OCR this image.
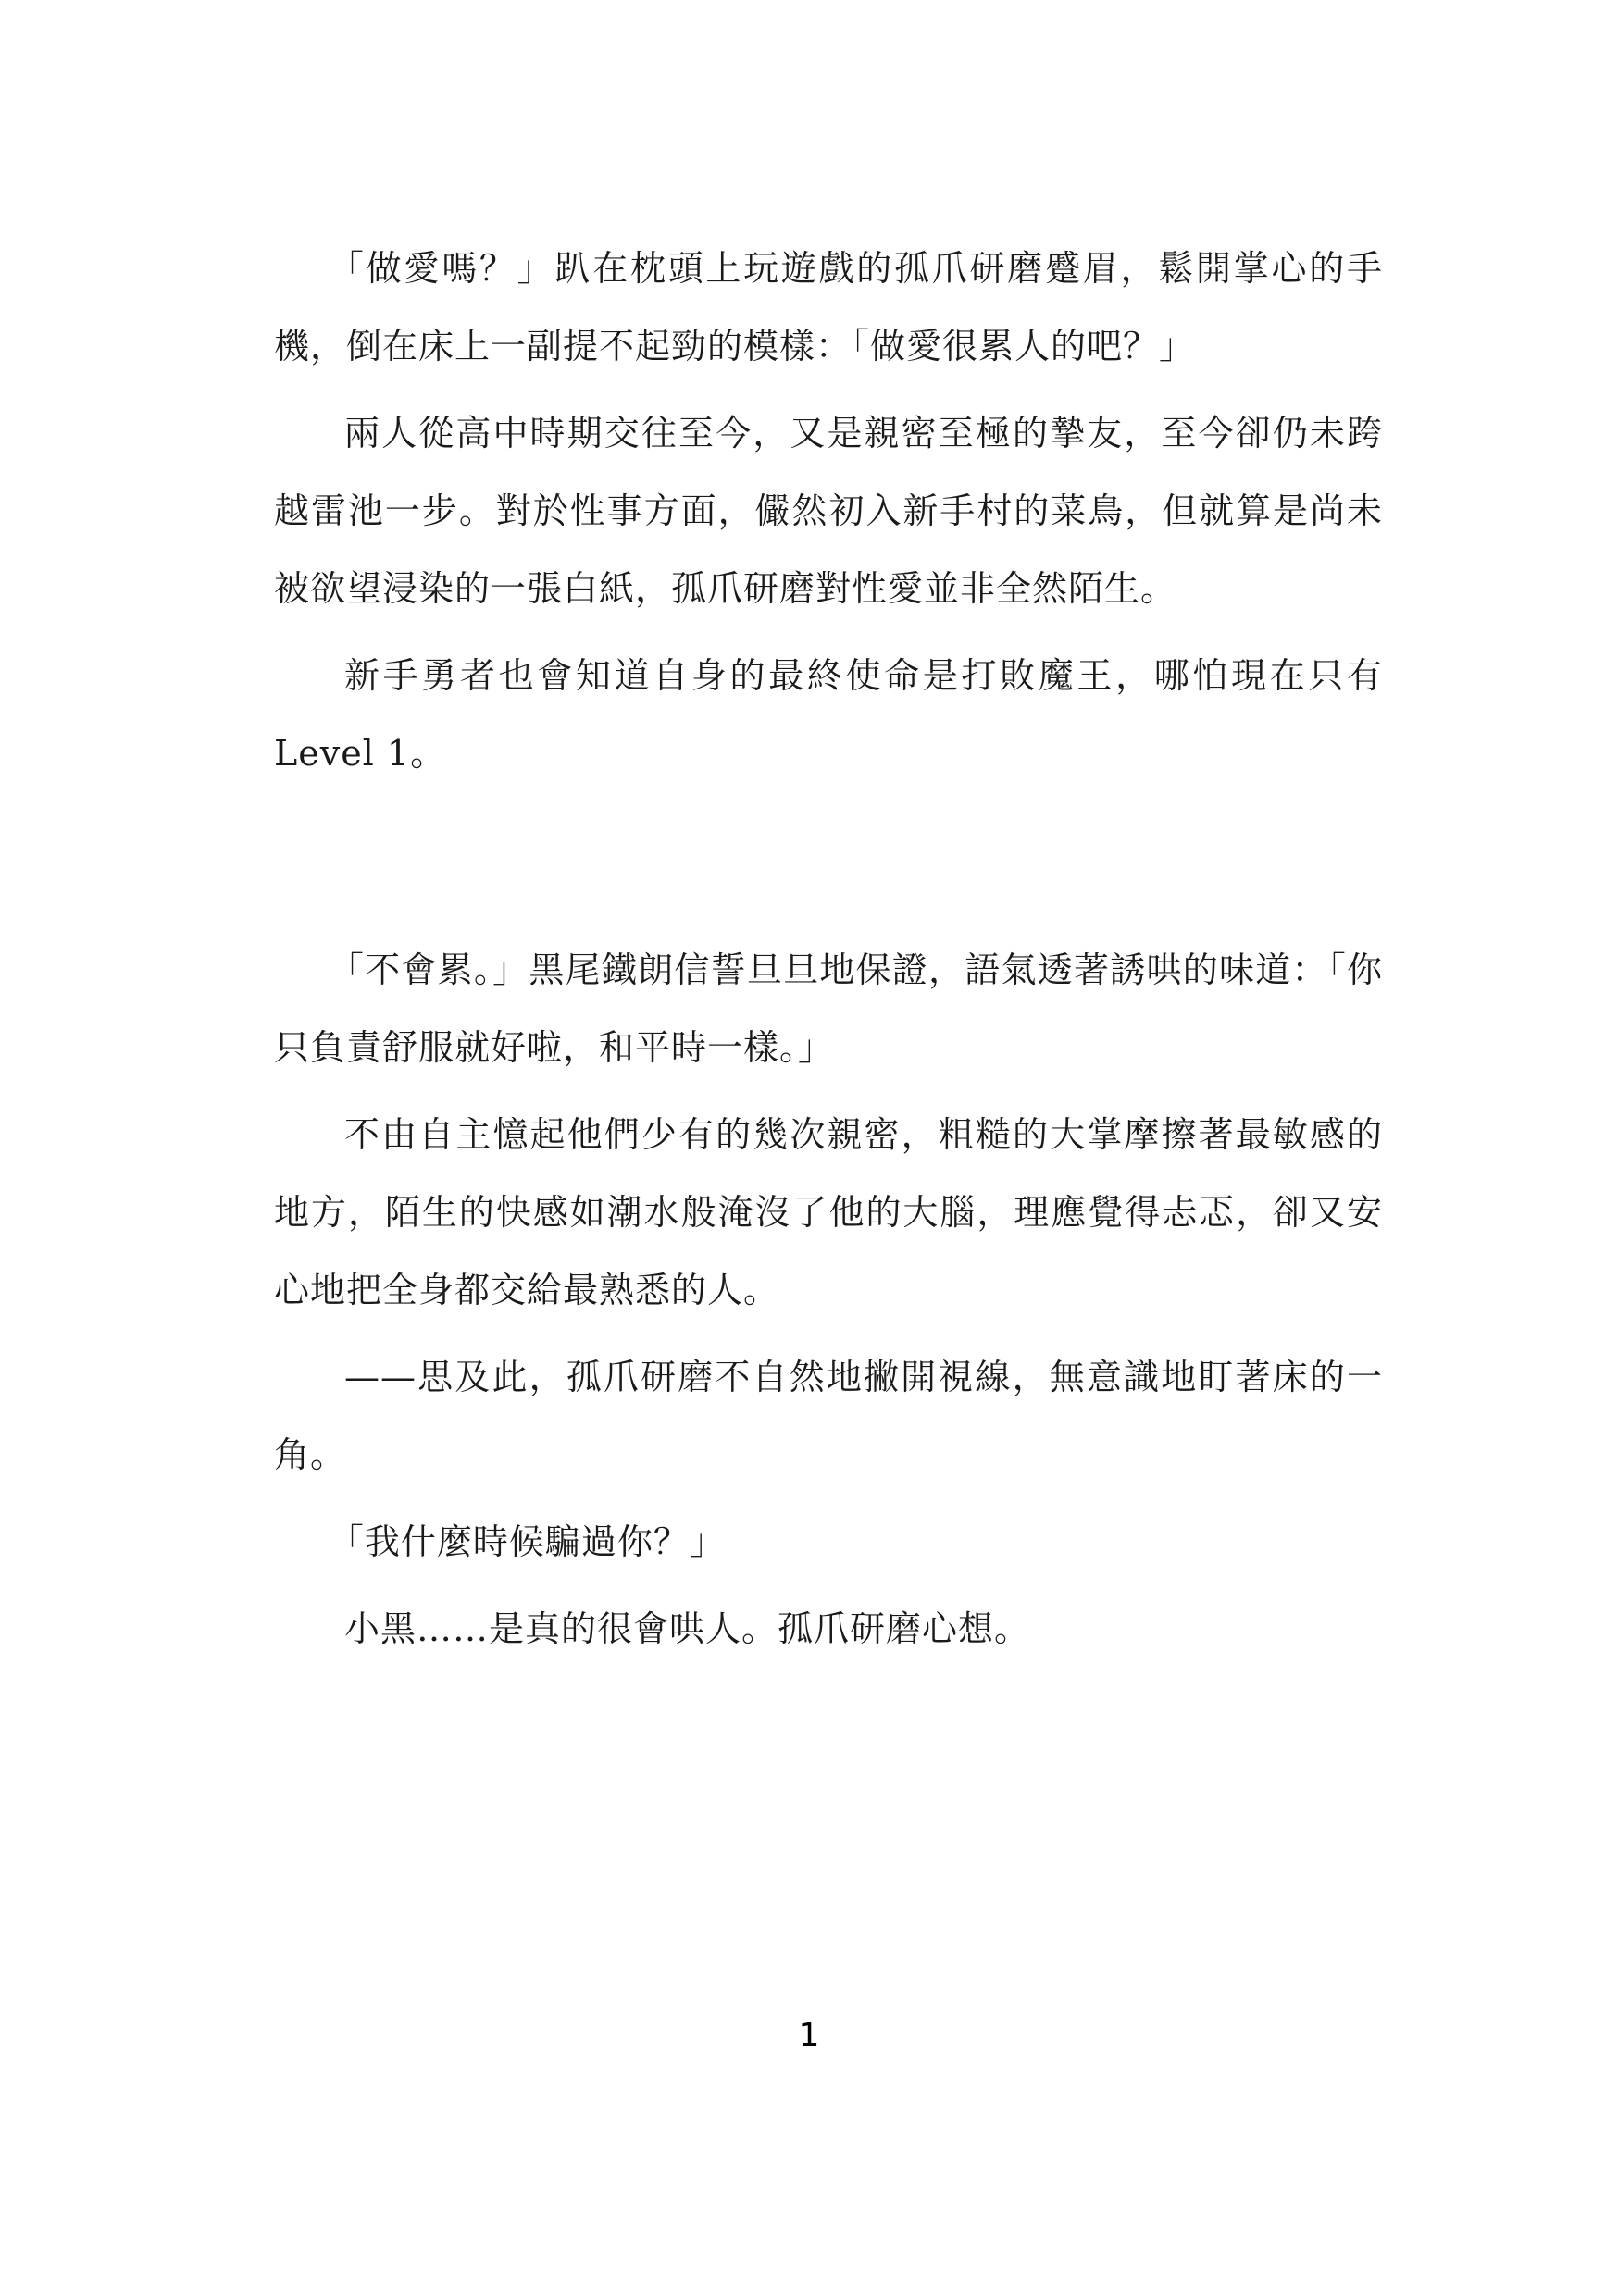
「做愛嗎？」趴在枕頭上玩遊戲的孤爪研磨蹙眉，鬆開掌心的手機，倒在床上一副提不起勁的模樣：「做愛很累人的吧？」

兩人從高中時期交往至今，又是親密至極的摯友，至今卻仍未跨越雷池一步。對於性事方面，儼然初入新手村的菜鳥，但就算是尚未被欲望浸染的一張白紙，孤爪研磨對性愛並非全然陌生。

新手勇者也會知道自身的最終使命是打敗魔王，哪怕現在只有Level 1。

「不會累。」黑尾鐵朗信誓旦旦地保證，語氣透著誘哄的味道：「你只負責舒服就好啦，和平時一樣。」

不由自主憶起他們少有的幾次親密，粗糙的大掌摩擦著最敏感的地方，陌生的快感如潮水般淹沒了他的大腦，理應覺得忐忑，卻又安心地把全身都交給最熟悉的人。

——思及此，孤爪研磨不自然地撇開視線，無意識地盯著床的一角。

「我什麼時候騙過你？」

小黑……是真的很會哄人。孤爪研磨心想。

1
